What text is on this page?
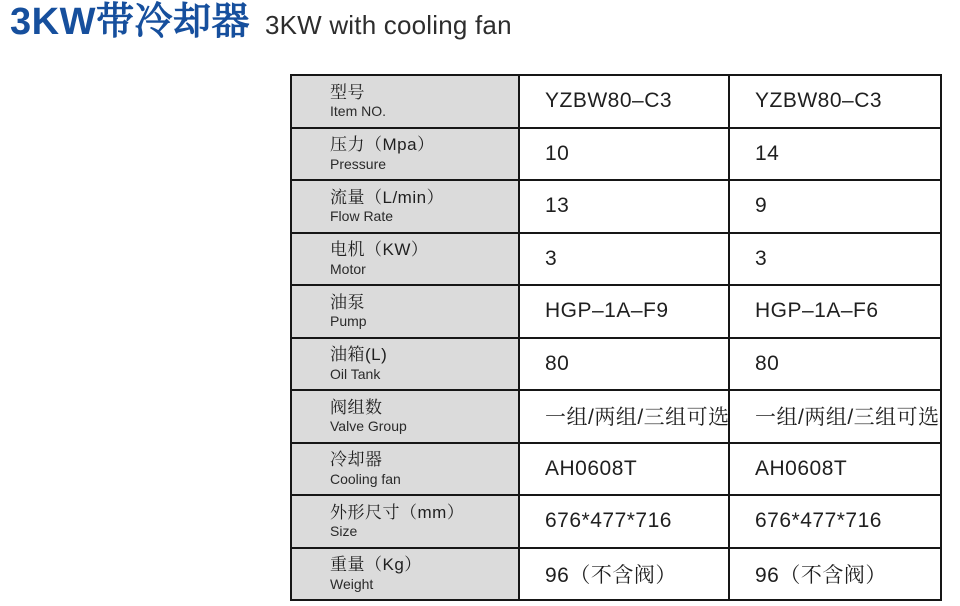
3KW带冷却器 3KW with cooling fan
型号
Item NO.	YZBW80–C3	YZBW80–C3

压力（Mpa）
Pressure	10	14

流量（L/min）
Flow Rate	13	9

电机（KW）
Motor	3	3

油泵
Pump	HGP–1A–F9	HGP–1A–F6

油箱(L)
Oil Tank	80	80

阀组数
Valve Group	一组/两组/三组可选	一组/两组/三组可选

冷却器
Cooling fan	AH0608T	AH0608T

外形尺寸（mm）
Size	676*477*716	676*477*716

重量（Kg）
Weight	96（不含阀）	96（不含阀）
